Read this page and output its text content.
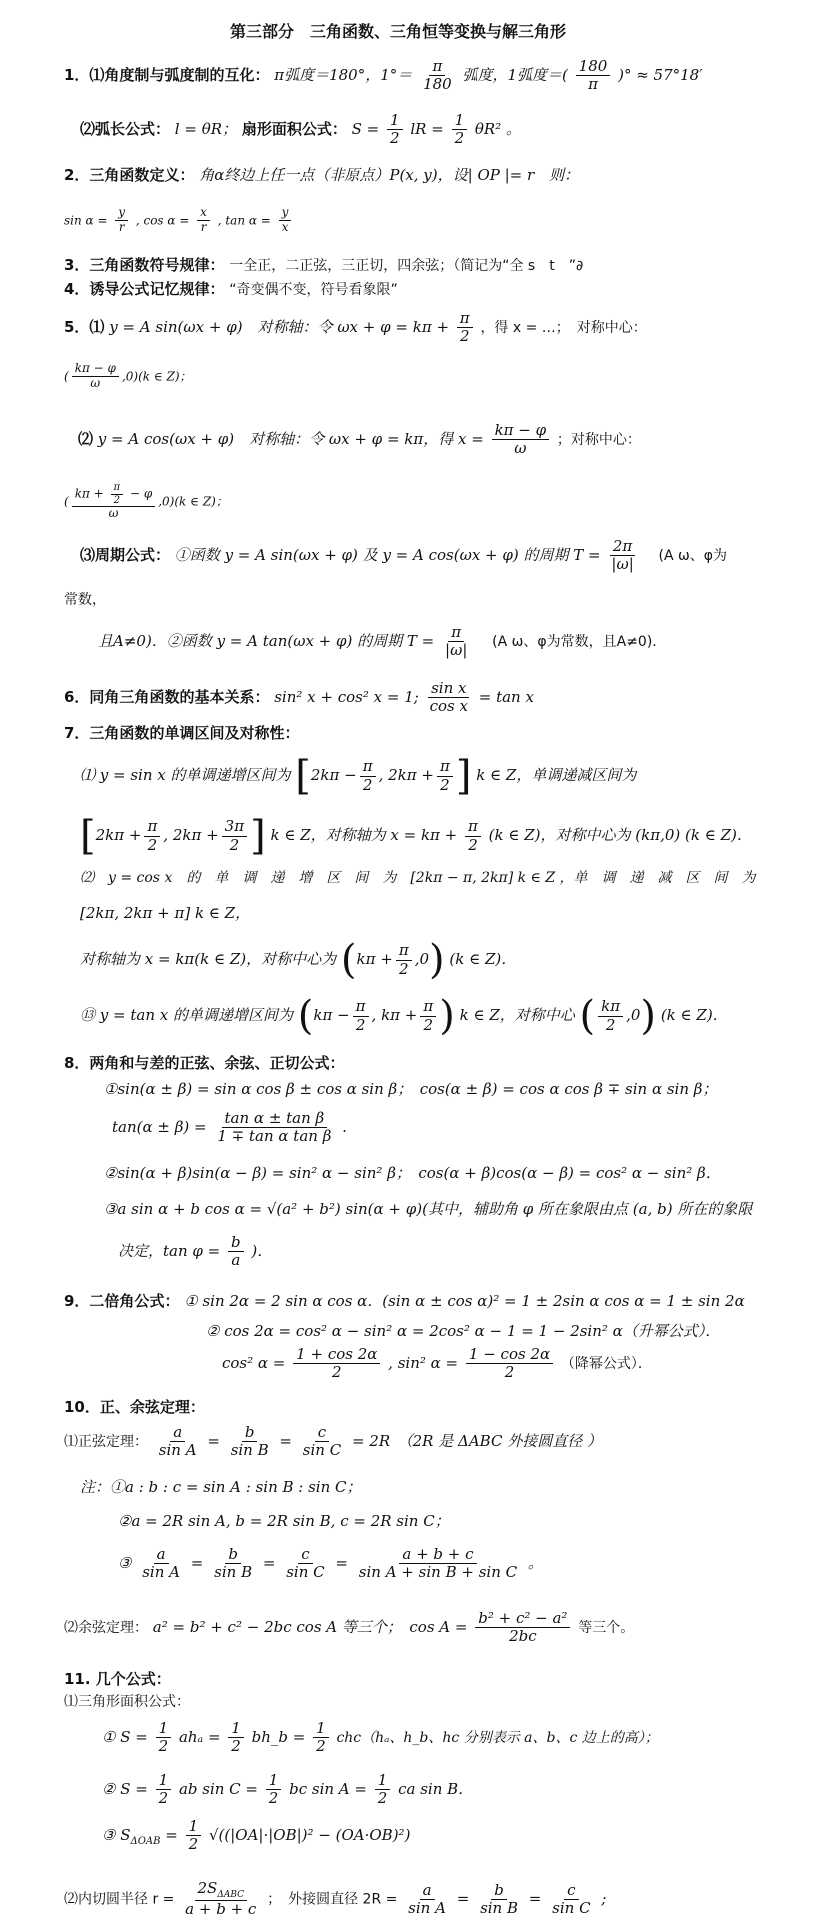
第三部分　三角函数、三角恒等变换与解三角形
1．⑴角度制与弧度制的互化： π弧度＝180°，$1^\circ= \frac{\pi}{180}$ 弧度，1弧度＝( $\frac{180}{\pi}$ )° ≈ 57°18′
⑵弧长公式： l = θR； 扇形面积公式： $S = \frac{1}{2}$ lR = $\frac{1}{2} \theta R^2$ 。
2．三角函数定义： 角α终边上任一点（非原点）P(x, y)，设| OP |= r　则：
$\sin \alpha = \frac{y}{r}$ , $\cos \alpha = \frac{x}{r}$ , $\tan \alpha = \frac{y}{x}$
3．三角函数符号规律： 一全正，二正弦，三正切，四余弦；（简记为“全 s　t　”∂
4．诱导公式记忆规律： “奇变偶不变，符号看象限”
5．⑴ y = A sin(ωx + φ)　对称轴：令 $\omega x + \varphi = k\pi + \frac{\pi}{2}$ ，得 x = …；　对称中心：
( $\frac{k\pi - \varphi}{\omega} ,0)(k$ ∈ Z)；
⑵ y = A cos(ωx + φ)　对称轴：令 ωx + φ = kπ，得 $x = \frac{k\pi - \varphi}{\omega}$ ；对称中心：
( $\frac{k\pi + \frac{\pi}{2} - \varphi}{\omega} ,0)(k$ ∈ Z)；
⑶周期公式： ①函数 y = A sin(ωx + φ) 及 y = A cos(ωx + φ) 的周期 $T = \frac{2\pi}{|\omega|}$ 　(A ω、φ为
常数，
且A≠0)．②函数 y = A tan(ωx + φ) 的周期 $T = \frac{\pi}{|\omega|}$ 　(A ω、φ为常数，且A≠0)．
6．同角三角函数的基本关系： sin² x + cos² x = 1; $\frac{\text{sin x}}{\text{cos x}} = \tan x$
7．三角函数的单调区间及对称性：
⑴ y = sin x 的单调递增区间为 [$2k\pi - \frac{\pi}{2}$ , $2k\pi + \frac{\pi}{2}$ ] k ∈ Z，单调递减区间为
[$2k\pi + \frac{\pi}{2}$ , $2k\pi + \frac{3\pi}{2}$ ] k ∈ Z，对称轴为 $x = k\pi + \frac{\pi}{2} (k$ ∈ Z)，对称中心为 (kπ,0) (k ∈ Z)．
⑵　y = cos x　的　单　调　递　增　区　间　为　[2kπ − π, 2kπ] k ∈ Z ，单　调　递　减　区　间　为
[2kπ, 2kπ + π] k ∈ Z，
对称轴为 x = kπ(k ∈ Z)，对称中心为 $(k\pi + \frac{\pi}{2} ,0)$ (k ∈ Z)．
⑬ y = tan x 的单调递增区间为 ($k\pi - \frac{\pi}{2}$ , $k\pi + \frac{\pi}{2}$ ) k ∈ Z，对称中心 ( $\frac{k\pi}{2} ,0$) (k ∈ Z)．
8．两角和与差的正弦、余弦、正切公式：
①sin(α ± β) = sin α cos β ± cos α sin β；　cos(α ± β) = cos α cos β ∓ sin α sin β；
$\tan(\alpha \pm \beta) = \frac{\text{tan α ± tan β}}{\text{1 ∓ tan α tan β}}$ .
②sin(α + β)sin(α − β) = sin² α − sin² β；　cos(α + β)cos(α − β) = cos² α − sin² β．
③a sin α + b cos α = √(a² + b²) sin(α + φ)(其中，辅助角 φ 所在象限由点 (a, b) 所在的象限
决定，$\tan \varphi = \frac{b}{a}$ )．
9．二倍角公式： ① sin 2α = 2 sin α cos α．(sin α ± cos α)² = 1 ± 2sin α cos α = 1 ± sin 2α
② cos 2α = cos² α − sin² α = 2cos² α − 1 = 1 − 2sin² α（升幂公式）．
cos² $\alpha = \frac{1 + \cos 2\alpha}{2}$ , sin² $\alpha = \frac{1 - \cos 2\alpha}{2}$ （降幂公式）．
10．正、余弦定理：
⑴正弦定理： $\frac{a}{\text{sin A}} = \frac{b}{\text{sin B}} = \frac{c}{\text{sin C}} = 2R$　（2R 是 ΔABC 外接圆直径 ）
注：①a : b : c = sin A : sin B : sin C；
②a = 2R sin A, b = 2R sin B, c = 2R sin C；
③ $\frac{a}{\text{sin A}} = \frac{b}{\text{sin B}} = \frac{c}{\text{sin C}} = \frac{a + b + c}{\text{sin A + sin B + sin C}}$ 。
⑵余弦定理： a² = b² + c² − 2bc cos A 等三个；　$\cos A = \frac{\text{b² + c² − a²}}{2bc}$ 等三个。
11. 几个公式：
⑴三角形面积公式：
① $S = \frac{1}{2}$ $ah_a = \frac{1}{2}$ bh_b = $\frac{1}{2} chc(h_a$、h_b、hc 分别表示 a、b、c 边上的高）；
② $S = \frac{1}{2}$ ab $\sin C = \frac{1}{2}$ bc $\sin A = \frac{1}{2}$ ca sin B．
③ $S_{\Delta OAB} = \frac{1}{2} √((|OA|\cdot|OB|)^2 - (OA\cdot OB)^2)$
⑵内切圆半径 r =
$2S_{\Delta ABC}$
a + b + c
；　外接圆直径 $2R = \frac{a}{\text{sin A}} = \frac{b}{\text{sin B}} = \frac{c}{\text{sin C}}$ ;
